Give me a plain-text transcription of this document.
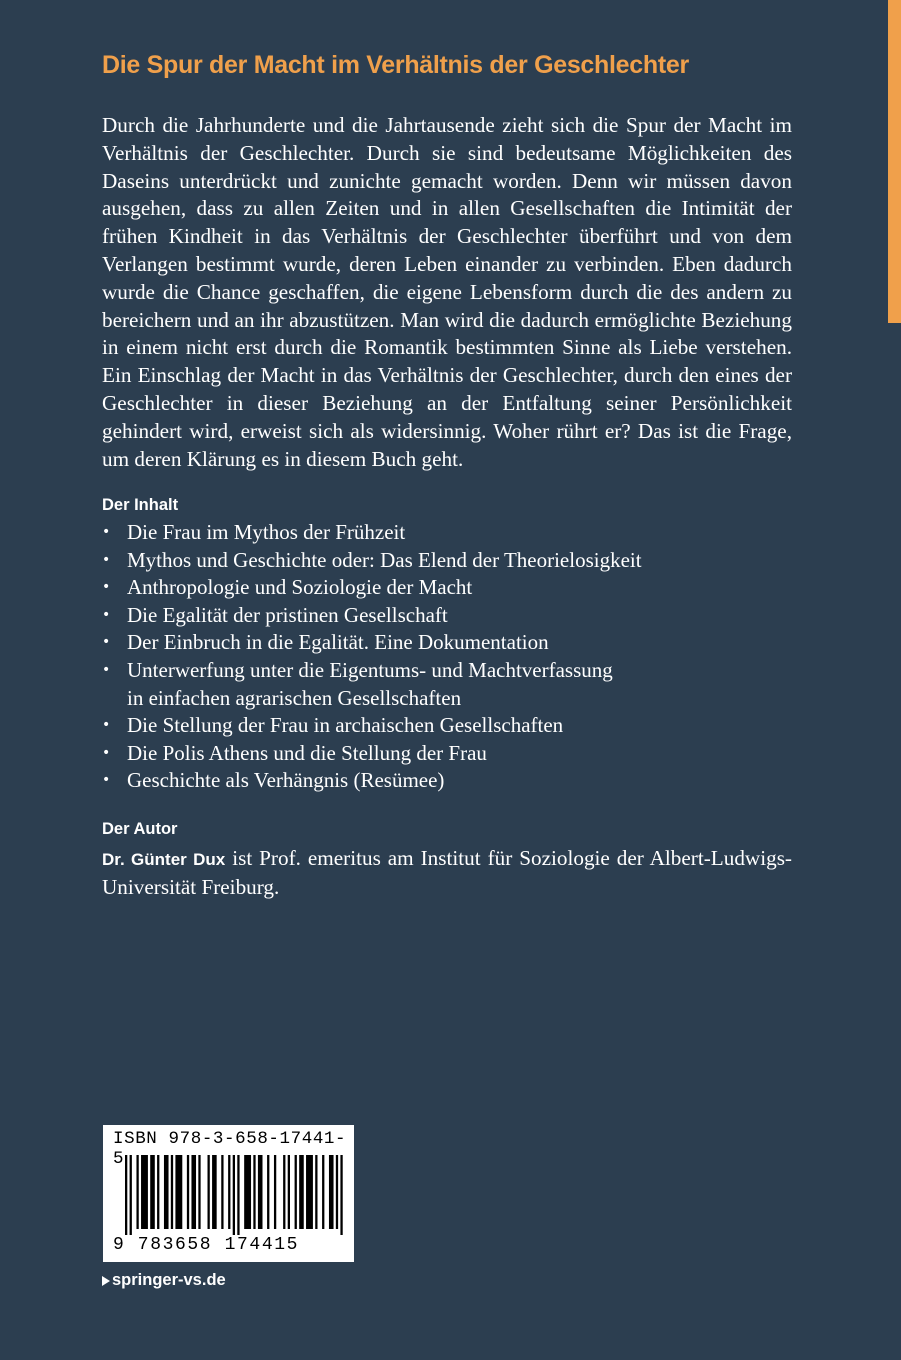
Die Spur der Macht im Verhältnis der Geschlechter

Durch die Jahrhunderte und die Jahrtausende zieht sich die Spur der Macht im Verhältnis der Geschlechter. Durch sie sind bedeutsame Möglichkeiten des Daseins unterdrückt und zunichte gemacht worden. Denn wir müssen davon ausgehen, dass zu allen Zeiten und in allen Gesellschaften die Intimität der frühen Kindheit in das Verhältnis der Geschlechter überführt und von dem Verlangen bestimmt wurde, deren Leben einander zu verbinden. Eben dadurch wurde die Chance geschaffen, die eigene Lebensform durch die des andern zu bereichern und an ihr abzustützen. Man wird die dadurch ermöglichte Beziehung in einem nicht erst durch die Romantik bestimmten Sinne als Liebe verstehen. Ein Einschlag der Macht in das Verhältnis der Geschlechter, durch den eines der Geschlechter in dieser Beziehung an der Entfaltung seiner Persönlichkeit gehindert wird, erweist sich als widersinnig. Woher rührt er? Das ist die Frage, um deren Klärung es in diesem Buch geht.

Der Inhalt
• Die Frau im Mythos der Frühzeit
• Mythos und Geschichte oder: Das Elend der Theorielosigkeit
• Anthropologie und Soziologie der Macht
• Die Egalität der pristinen Gesellschaft
• Der Einbruch in die Egalität. Eine Dokumentation
• Unterwerfung unter die Eigentums- und Machtverfassung
in einfachen agrarischen Gesellschaften
• Die Stellung der Frau in archaischen Gesellschaften
• Die Polis Athens und die Stellung der Frau
• Geschichte als Verhängnis (Resümee)
Der Autor

Dr. Günter Dux ist Prof. emeritus am Institut für Soziologie der Albert-Ludwigs-Universität Freiburg.

ISBN 978-3-658-17441-5
9 783658 174415
springer-vs.de
